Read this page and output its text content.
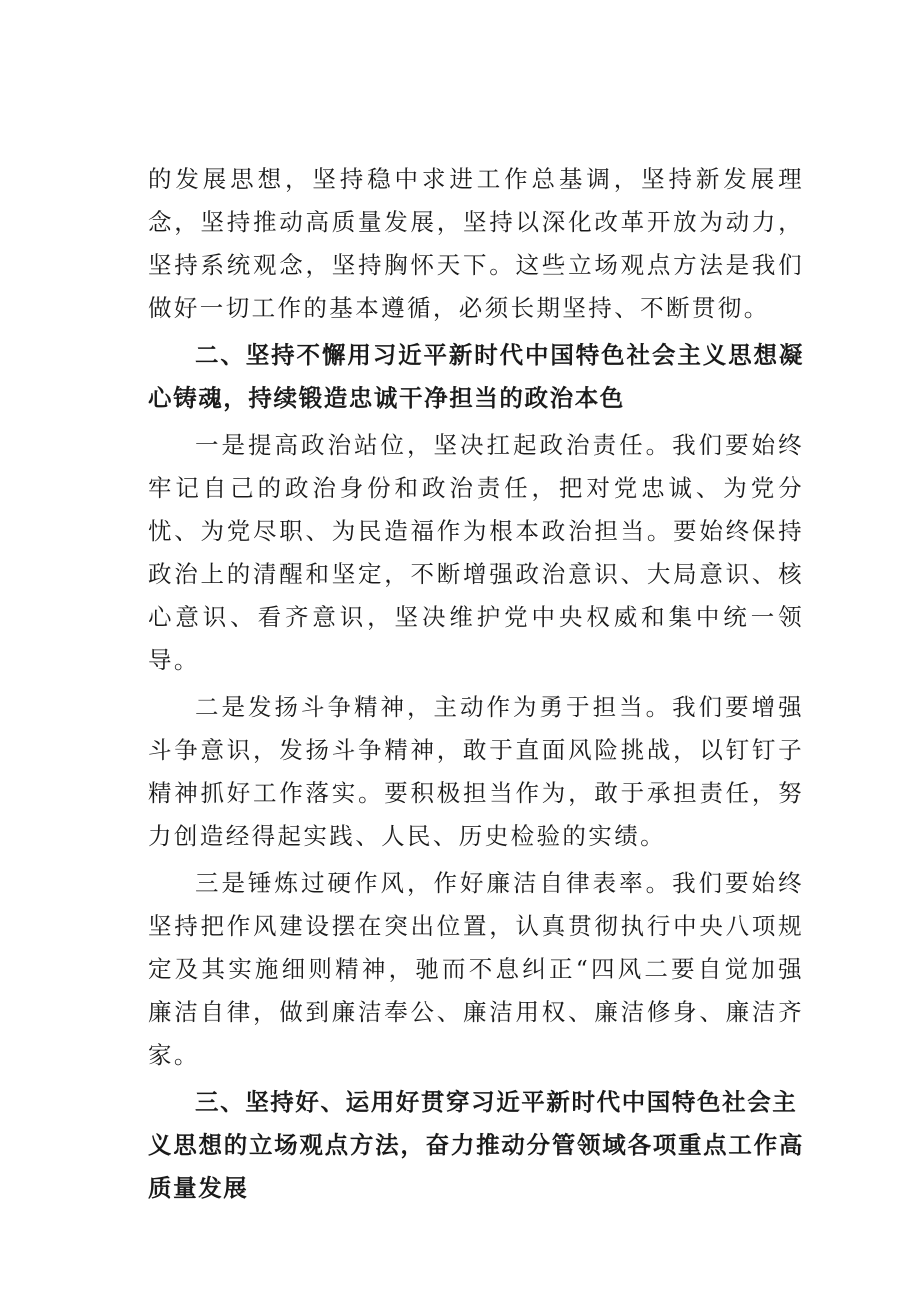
的发展思想，坚持稳中求进工作总基调，坚持新发展理念，坚持推动高质量发展，坚持以深化改革开放为动力，坚持系统观念，坚持胸怀天下。这些立场观点方法是我们做好一切工作的基本遵循，必须长期坚持、不断贯彻。

二、坚持不懈用习近平新时代中国特色社会主义思想凝心铸魂，持续锻造忠诚干净担当的政治本色

一是提高政治站位，坚决扛起政治责任。我们要始终牢记自己的政治身份和政治责任，把对党忠诚、为党分忧、为党尽职、为民造福作为根本政治担当。要始终保持政治上的清醒和坚定，不断增强政治意识、大局意识、核心意识、看齐意识，坚决维护党中央权威和集中统一领导。

二是发扬斗争精神，主动作为勇于担当。我们要增强斗争意识，发扬斗争精神，敢于直面风险挑战，以钉钉子精神抓好工作落实。要积极担当作为，敢于承担责任，努力创造经得起实践、人民、历史检验的实绩。

三是锤炼过硬作风，作好廉洁自律表率。我们要始终坚持把作风建设摆在突出位置，认真贯彻执行中央八项规定及其实施细则精神，驰而不息纠正“四风二要自觉加强廉洁自律，做到廉洁奉公、廉洁用权、廉洁修身、廉洁齐家。

三、坚持好、运用好贯穿习近平新时代中国特色社会主
义思想的立场观点方法，奋力推动分管领域各项重点工作高质量发展
